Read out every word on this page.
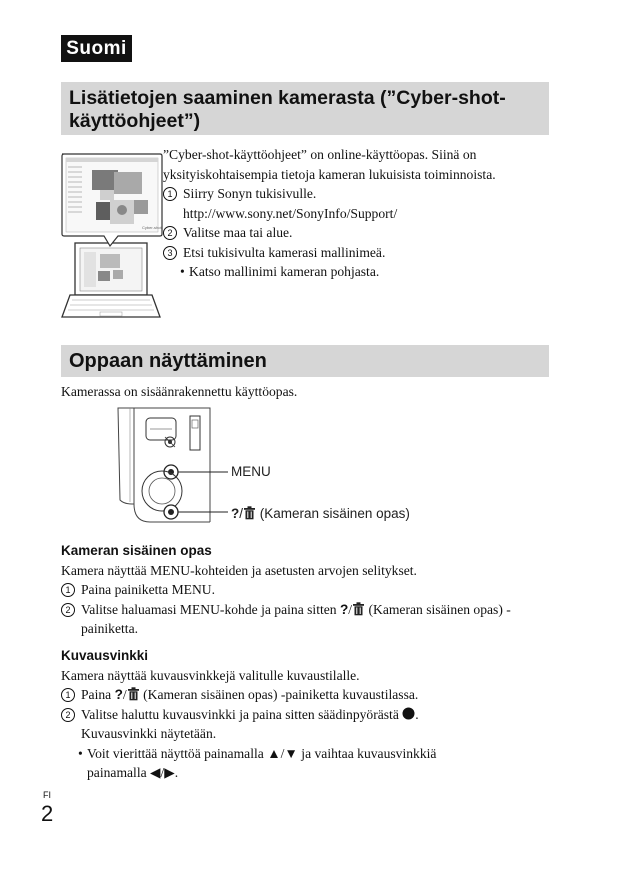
Suomi
Lisätietojen saaminen kamerasta (”Cyber-shot-käyttöohjeet”)
Cyber-shot
”Cyber-shot-käyttöohjeet” on online-käyttöopas. Siinä on yksityiskohtaisempia tietoja kameran lukuisista toiminnoista.
1 Siirry Sonyn tukisivulle.
http://www.sony.net/SonyInfo/Support/
2 Valitse maa tai alue.
3 Etsi tukisivulta kamerasi mallinimeä.
• Katso mallinimi kameran pohjasta.
Oppaan näyttäminen
Kamerassa on sisäänrakennettu käyttöopas.
MENU
?/ (Kameran sisäinen opas)
Kameran sisäinen opas
Kamera näyttää MENU-kohteiden ja asetusten arvojen selitykset.
1 Paina painiketta MENU.
2 Valitse haluamasi MENU-kohde ja paina sitten ?/ (Kameran sisäinen opas) -painiketta.
Kuvausvinkki
Kamera näyttää kuvausvinkkejä valitulle kuvaustilalle.
1 Paina ?/ (Kameran sisäinen opas) -painiketta kuvaustilassa.
2 Valitse haluttu kuvausvinkki ja paina sitten säädinpyörästä .
Kuvausvinkki näytetään.
• Voit vierittää näyttöä painamalla ▲/▼ ja vaihtaa kuvausvinkkiä
painamalla ◀/▶.
FI
2
